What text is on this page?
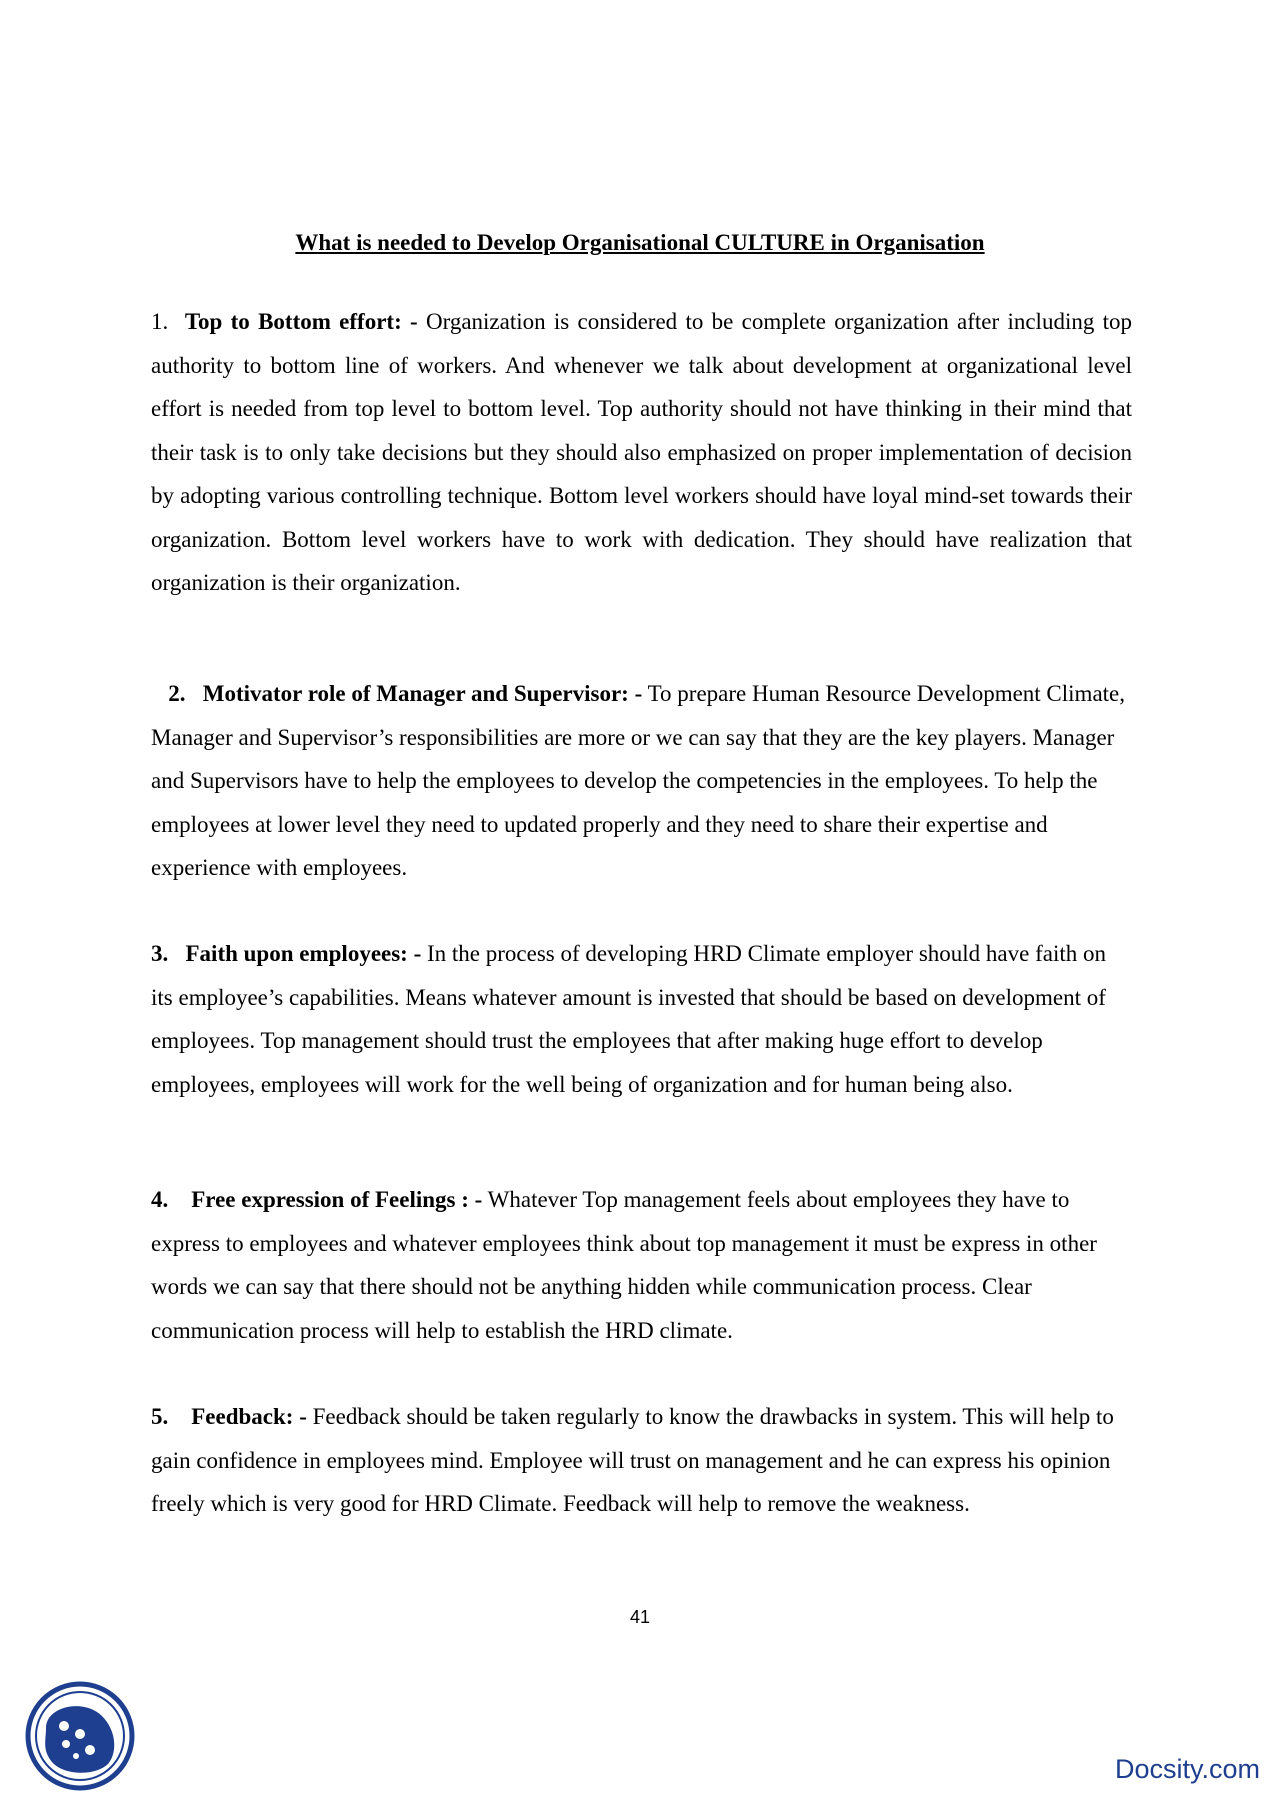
What is needed to Develop Organisational CULTURE in Organisation

1. Top to Bottom effort: - Organization is considered to be complete organization after including top authority to bottom line of workers. And whenever we talk about development at organizational level effort is needed from top level to bottom level. Top authority should not have thinking in their mind that their task is to only take decisions but they should also emphasized on proper implementation of decision by adopting various controlling technique. Bottom level workers should have loyal mind-set towards their organization. Bottom level workers have to work with dedication. They should have realization that organization is their organization.

2. Motivator role of Manager and Supervisor: - To prepare Human Resource Development Climate, Manager and Supervisor’s responsibilities are more or we can say that they are the key players. Manager and Supervisors have to help the employees to develop the competencies in the employees. To help the employees at lower level they need to updated properly and they need to share their expertise and experience with employees.

3. Faith upon employees: - In the process of developing HRD Climate employer should have faith on its employee’s capabilities. Means whatever amount is invested that should be based on development of employees. Top management should trust the employees that after making huge effort to develop employees, employees will work for the well being of organization and for human being also.

4. Free expression of Feelings : - Whatever Top management feels about employees they have to express to employees and whatever employees think about top management it must be express in other words we can say that there should not be anything hidden while communication process. Clear communication process will help to establish the HRD climate.

5. Feedback: - Feedback should be taken regularly to know the drawbacks in system. This will help to gain confidence in employees mind. Employee will trust on management and he can express his opinion freely which is very good for HRD Climate. Feedback will help to remove the weakness.

41
Docsity.com
